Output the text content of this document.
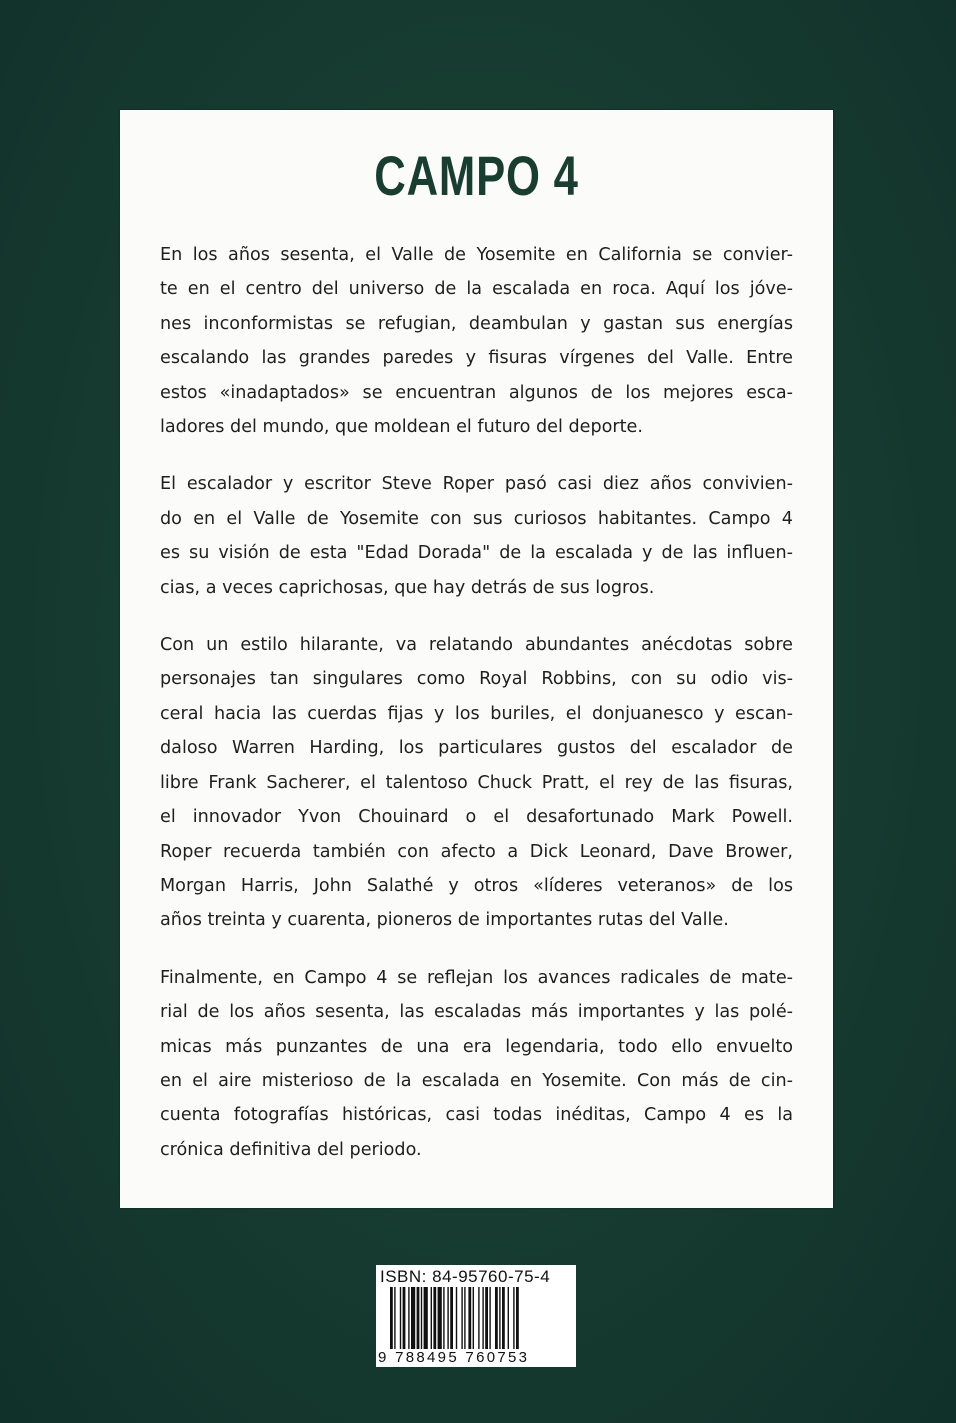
CAMPO 4

En los años sesenta, el Valle de Yosemite en California se convier-
te en el centro del universo de la escalada en roca. Aquí los jóve-
nes inconformistas se refugian, deambulan y gastan sus energías
escalando las grandes paredes y fisuras vírgenes del Valle. Entre
estos «inadaptados» se encuentran algunos de los mejores esca-
ladores del mundo, que moldean el futuro del deporte.

El escalador y escritor Steve Roper pasó casi diez años convivien-
do en el Valle de Yosemite con sus curiosos habitantes. Campo 4
es su visión de esta "Edad Dorada" de la escalada y de las influen-
cias, a veces caprichosas, que hay detrás de sus logros.

Con un estilo hilarante, va relatando abundantes anécdotas sobre
personajes tan singulares como Royal Robbins, con su odio vis-
ceral hacia las cuerdas fijas y los buriles, el donjuanesco y escan-
daloso Warren Harding, los particulares gustos del escalador de
libre Frank Sacherer, el talentoso Chuck Pratt, el rey de las fisuras,
el innovador Yvon Chouinard o el desafortunado Mark Powell.
Roper recuerda también con afecto a Dick Leonard, Dave Brower,
Morgan Harris, John Salathé y otros «líderes veteranos» de los
años treinta y cuarenta, pioneros de importantes rutas del Valle.

Finalmente, en Campo 4 se reflejan los avances radicales de mate-
rial de los años sesenta, las escaladas más importantes y las polé-
micas más punzantes de una era legendaria, todo ello envuelto
en el aire misterioso de la escalada en Yosemite. Con más de cin-
cuenta fotografías históricas, casi todas inéditas, Campo 4 es la
crónica definitiva del periodo.

ISBN: 84-95760-75-4
9 788495 760753
